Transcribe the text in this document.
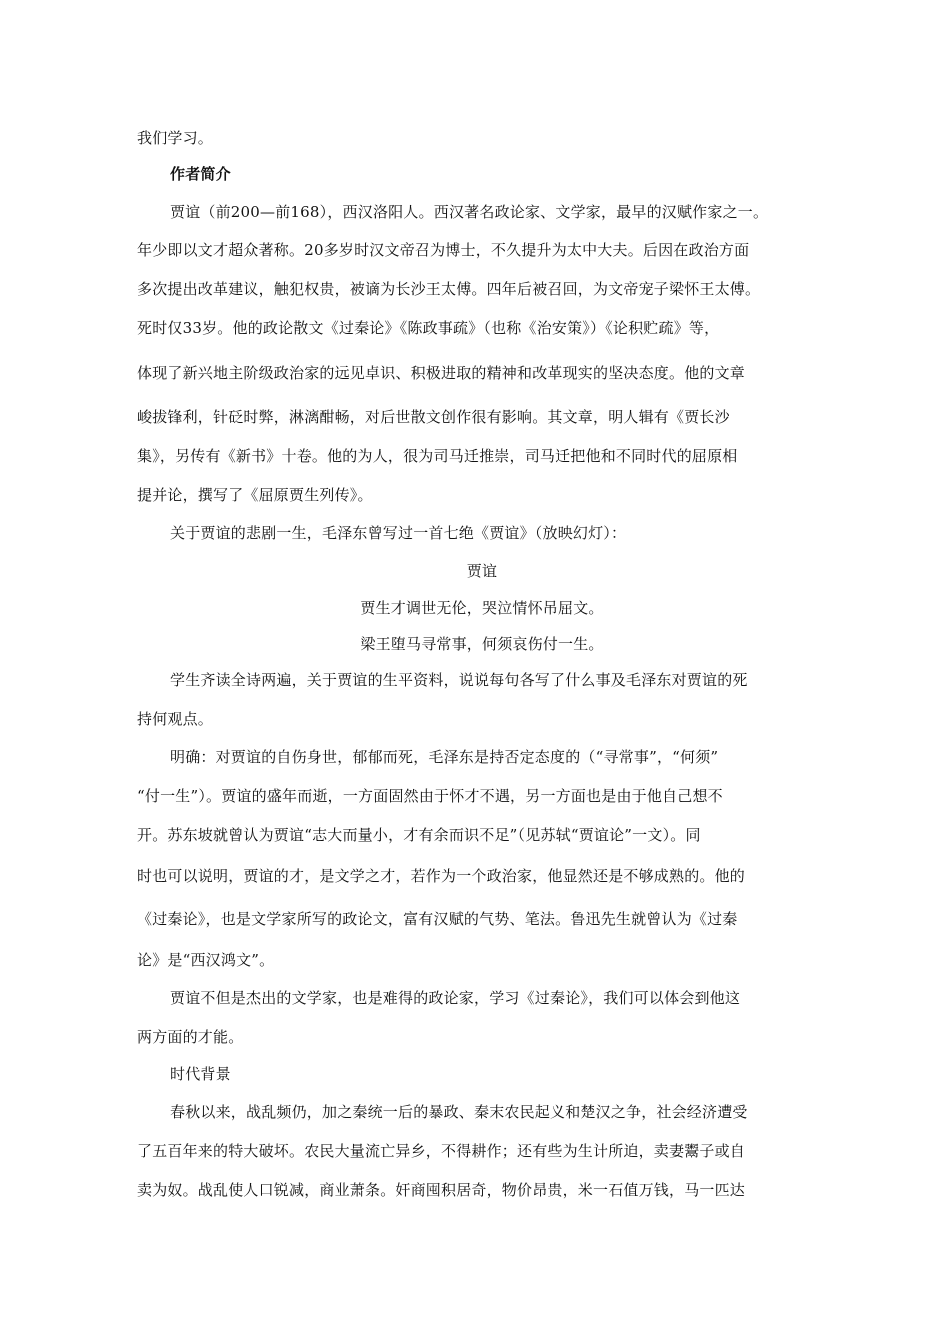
我们学习。
作者简介
贾谊（前200—前168），西汉洛阳人。西汉著名政论家、文学家，最早的汉赋作家之一。
年少即以文才超众著称。20多岁时汉文帝召为博士，不久提升为太中大夫。后因在政治方面
多次提出改革建议，触犯权贵，被谪为长沙王太傅。四年后被召回，为文帝宠子梁怀王太傅。
死时仅33岁。他的政论散文《过秦论》《陈政事疏》（也称《治安策》）《论积贮疏》等，
体现了新兴地主阶级政治家的远见卓识、积极进取的精神和改革现实的坚决态度。他的文章
峻拔锋利，针砭时弊，淋漓酣畅，对后世散文创作很有影响。其文章，明人辑有《贾长沙
集》，另传有《新书》十卷。他的为人，很为司马迁推崇，司马迁把他和不同时代的屈原相
提并论，撰写了《屈原贾生列传》。
关于贾谊的悲剧一生，毛泽东曾写过一首七绝《贾谊》（放映幻灯）：
贾谊
贾生才调世无伦，哭泣情怀吊屈文。
梁王堕马寻常事，何须哀伤付一生。
学生齐读全诗两遍，关于贾谊的生平资料，说说每句各写了什么事及毛泽东对贾谊的死
持何观点。
明确：对贾谊的自伤身世，郁郁而死，毛泽东是持否定态度的（“寻常事”，“何须”
“付一生”）。贾谊的盛年而逝，一方面固然由于怀才不遇，另一方面也是由于他自己想不
开。苏东坡就曾认为贾谊“志大而量小，才有余而识不足”（见苏轼“贾谊论”一文）。同
时也可以说明，贾谊的才，是文学之才，若作为一个政治家，他显然还是不够成熟的。他的
《过秦论》，也是文学家所写的政论文，富有汉赋的气势、笔法。鲁迅先生就曾认为《过秦
论》是“西汉鸿文”。
贾谊不但是杰出的文学家，也是难得的政论家，学习《过秦论》，我们可以体会到他这
两方面的才能。
时代背景
春秋以来，战乱频仍，加之秦统一后的暴政、秦末农民起义和楚汉之争，社会经济遭受
了五百年来的特大破坏。农民大量流亡异乡，不得耕作；还有些为生计所迫，卖妻鬻子或自
卖为奴。战乱使人口锐减，商业萧条。奸商囤积居奇，物价昂贵，米一石值万钱，马一匹达
